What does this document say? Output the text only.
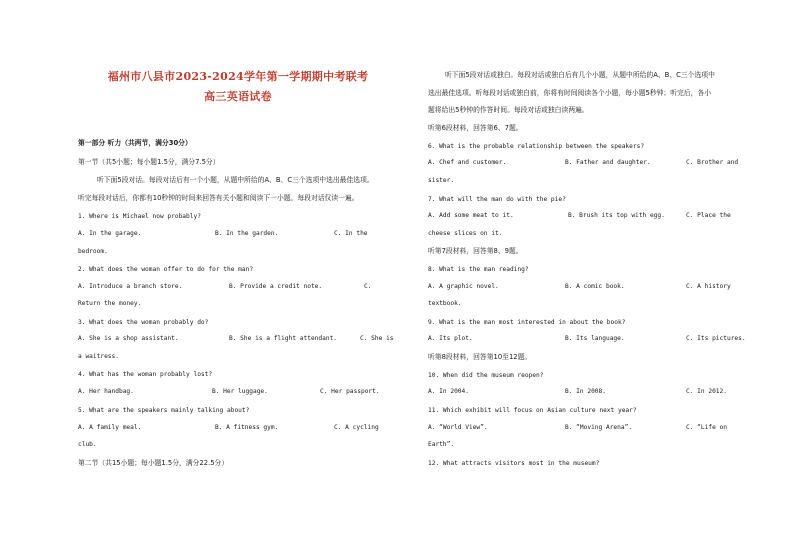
福州市八县市2023-2024学年第一学期期中考联考
高三英语试卷
第一部分 听力（共两节，满分30分）
第一节（共5小题；每小题1.5分，满分7.5分）
听下面5段对话。每段对话后有一个小题，从题中所给的A、B、C三个选项中选出最佳选项。
听完每段对话后，你都有10秒钟的时间来回答有关小题和阅读下一小题。每段对话仅读一遍。
1. Where is Michael now probably?
A. In the garage.	B. In the garden.	C. In the
bedroom.
2. What does the woman offer to do for the man?
A. Introduce a branch store.	B. Provide a credit note.	C.
Return the money.
3. What does the woman probably do?
A. She is a shop assistant.	B. She is a flight attendant.	C. She is
a waitress.
4. What has the woman probably lost?
A. Her handbag.	B. Her luggage.	C. Her passport.
5. What are the speakers mainly talking about?
A. A family meal.	B. A fitness gym.	C. A cycling
club.
第二节（共15小题；每小题1.5分，满分22.5分）
听下面5段对话或独白。每段对话或独白后有几个小题，从题中所给的A、B、C三个选项中
选出最佳选项。听每段对话或独白前，你将有时间阅读各个小题，每小题5秒钟；听完后，各小
题将给出5秒钟的作答时间。每段对话或独白读两遍。
听第6段材料，回答第6、7题。
6. What is the probable relationship between the speakers?
A. Chef and customer.	B. Father and daughter.	C. Brother and
sister.
7. What will the man do with the pie?
A. Add some meat to it.	B. Brush its top with egg.	C. Place the
cheese slices on it.
听第7段材料，回答第8、9题。
8. What is the man reading?
A. A graphic novel.	B. A comic book.	C. A history
textbook.
9. What is the man most interested in about the book?
A. Its plot.	B. Its language.	C. Its pictures.
听第8段材料，回答第10至12题。
10. When did the museum reopen?
A. In 2004.	B. In 2008.	C. In 2012.
11. Which exhibit will focus on Asian culture next year?
A. “World View”.	B. “Moving Arena”.	C. “Life on
Earth”.
12. What attracts visitors most in the museum?
